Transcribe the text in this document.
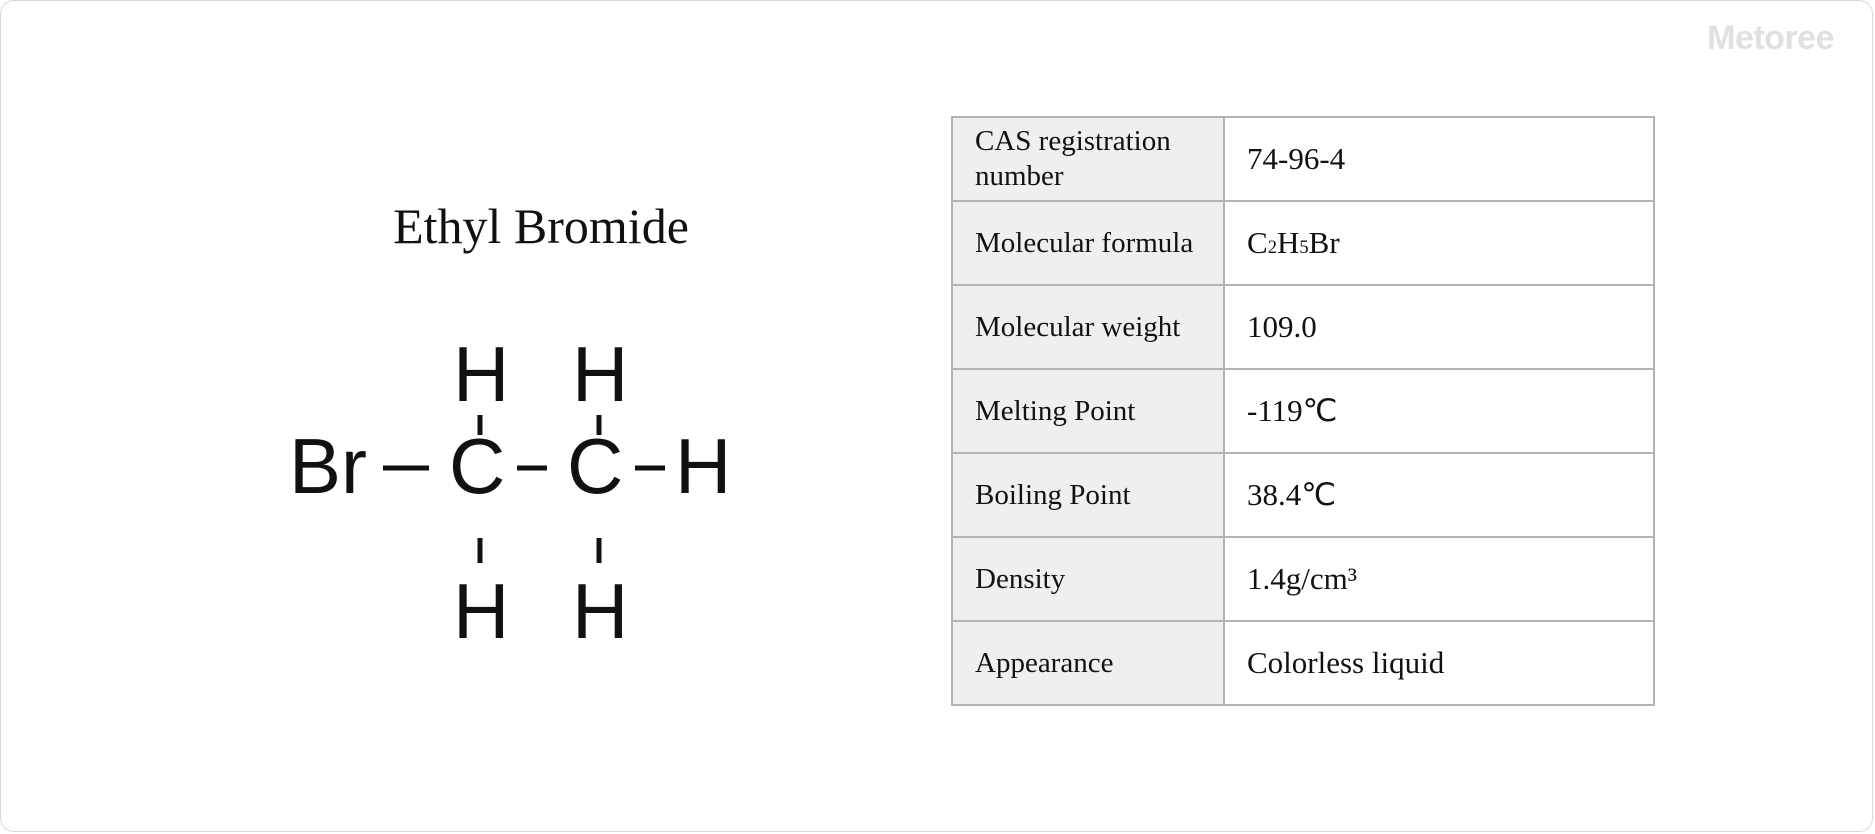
Metoree
Ethyl Bromide
Br C C H
H H
H H
CAS registration number	74-96-4
Molecular formula	C2H5Br
Molecular weight	109.0
Melting Point	-119℃
Boiling Point	38.4℃
Density	1.4g/cm³
Appearance	Colorless liquid
